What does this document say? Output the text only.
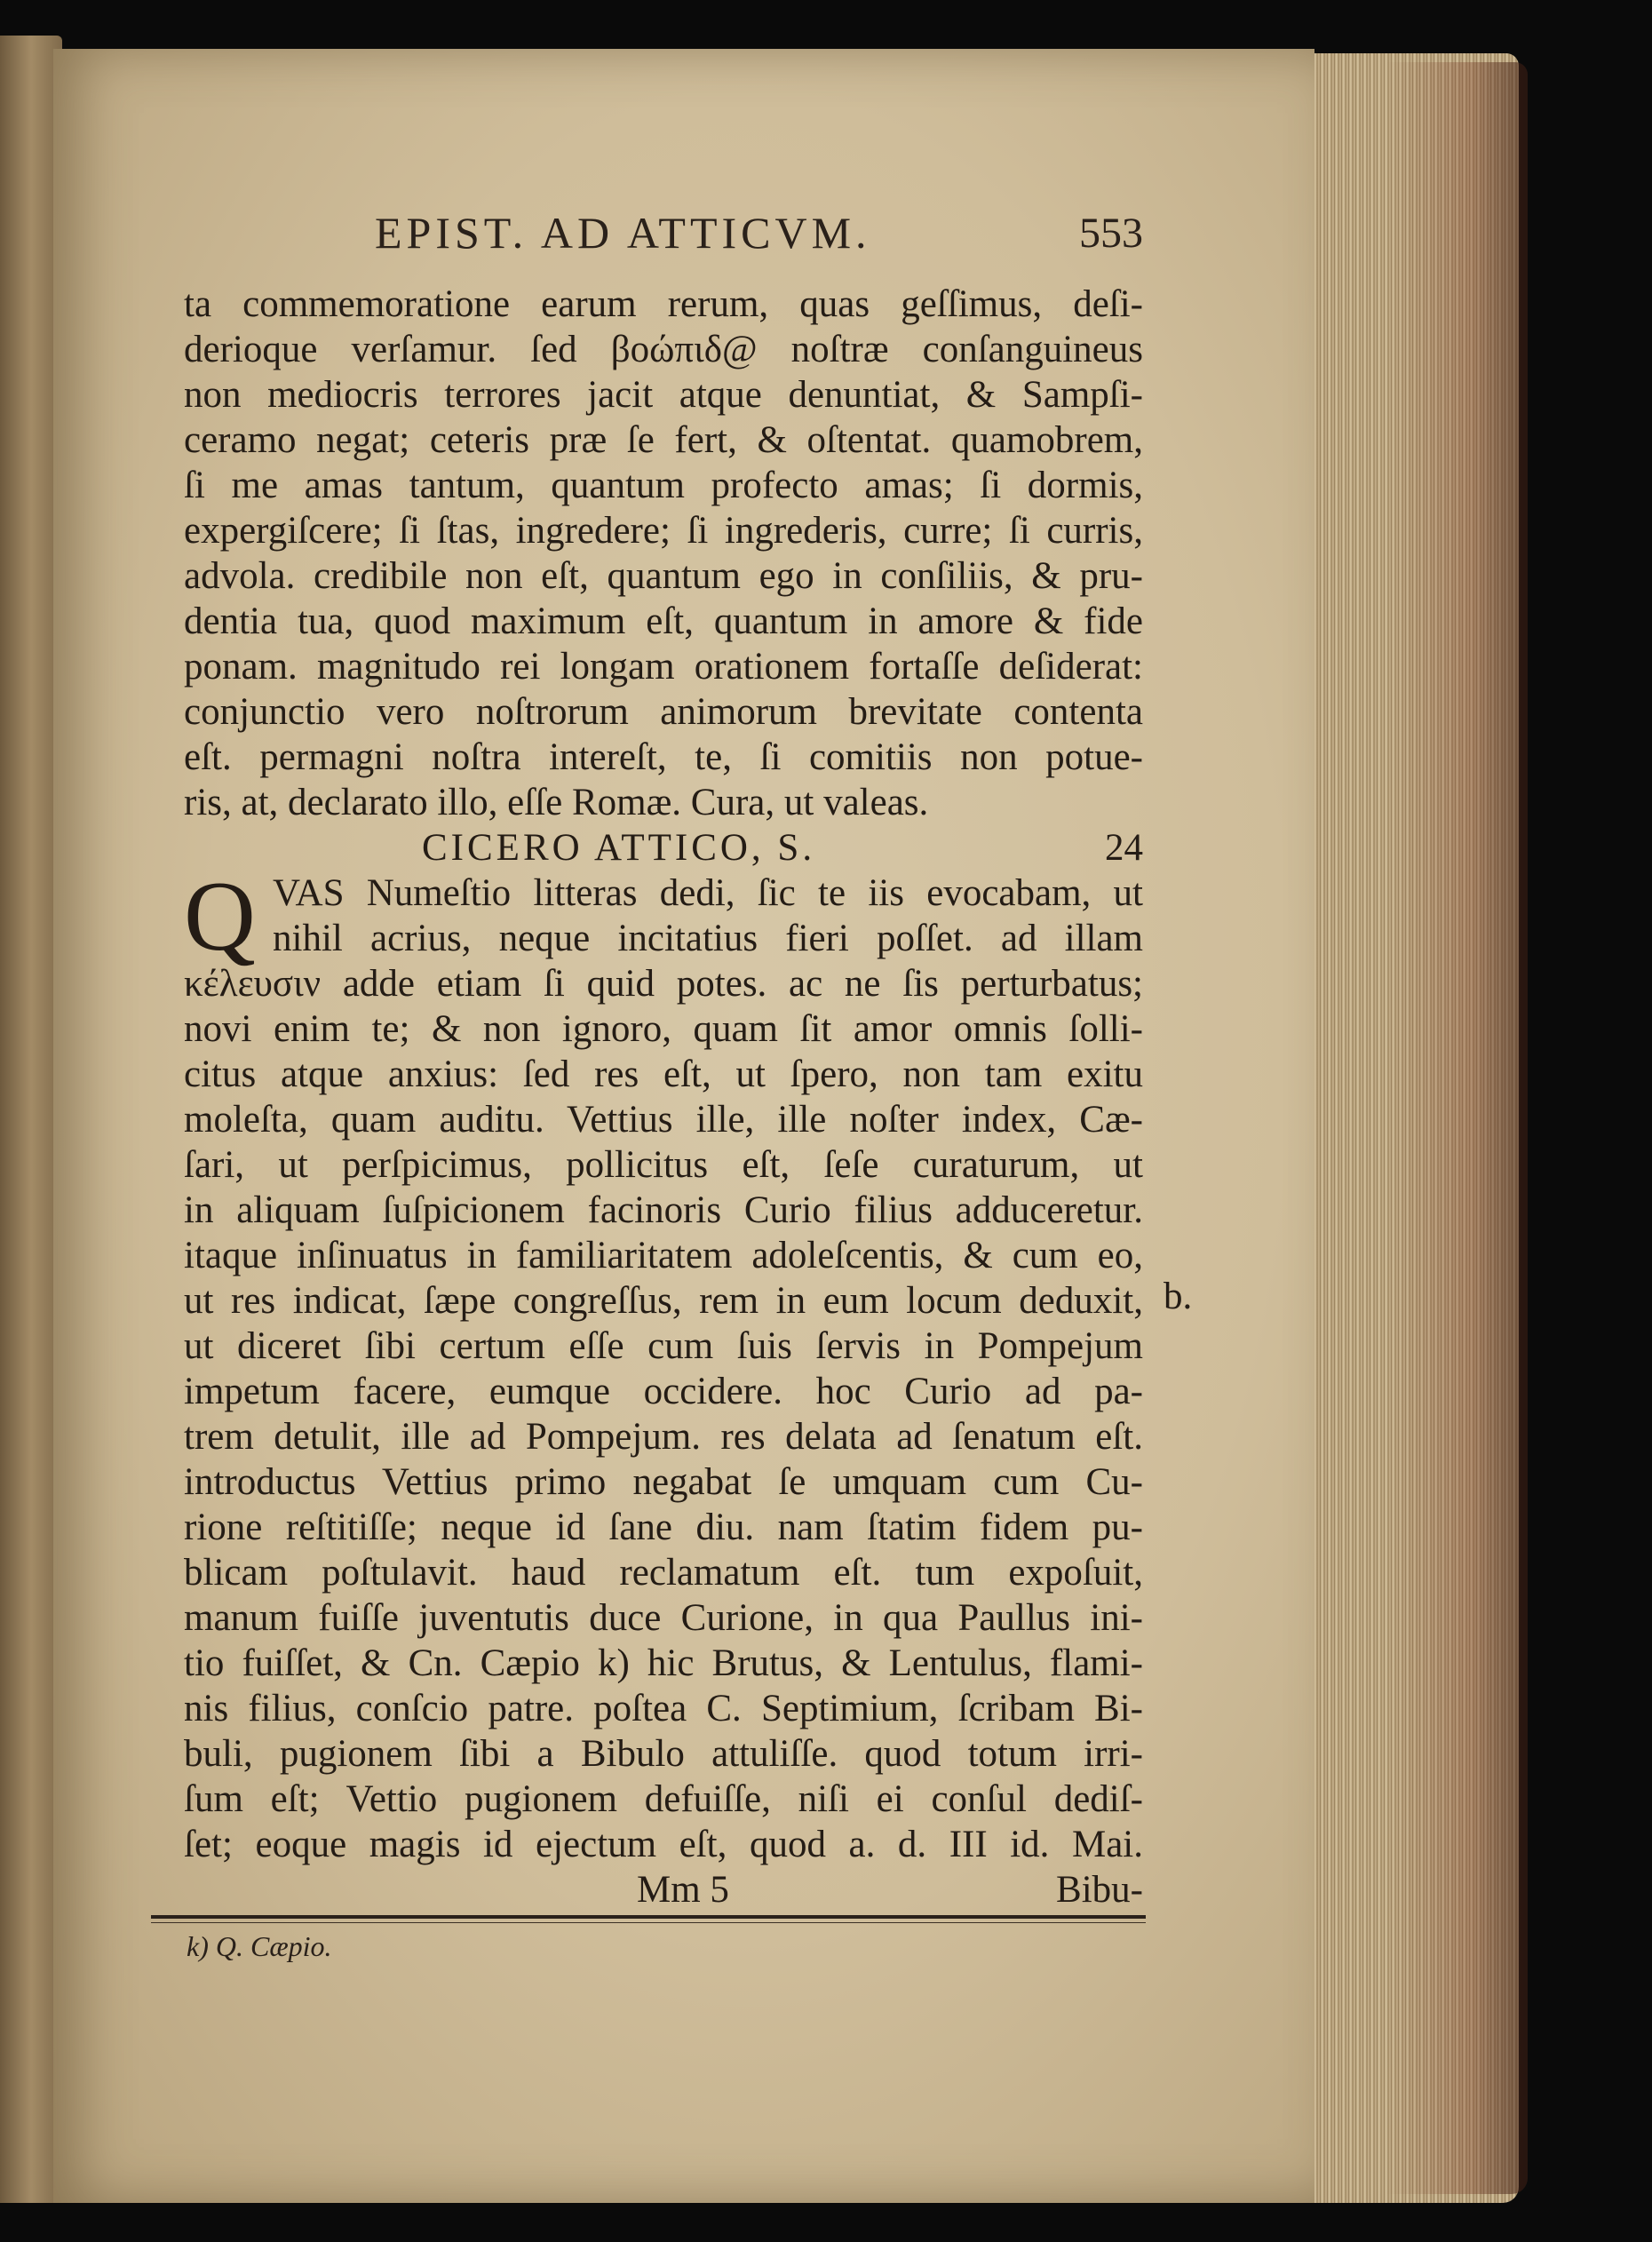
EPIST. AD ATTICVM.	553
ta commemoratione earum rerum, quas geſſimus, deſi-
derioque verſamur. ſed βοώπιδ@ noſtræ conſanguineus
non mediocris terrores jacit atque denuntiat, & Sampſi-
ceramo negat; ceteris præ ſe fert, & oſtentat. quamobrem,
ſi me amas tantum, quantum profecto amas; ſi dormis,
expergiſcere; ſi ſtas, ingredere; ſi ingrederis, curre; ſi curris,
advola. credibile non eſt, quantum ego in conſiliis, & pru-
dentia tua, quod maximum eſt, quantum in amore & fide
ponam. magnitudo rei longam orationem fortaſſe deſiderat:
conjunctio vero noſtrorum animorum brevitate contenta
eſt. permagni noſtra intereſt, te, ſi comitiis non potue-
ris, at, declarato illo, eſſe Romæ. Cura, ut valeas.
CICERO ATTICO, S.	24
Q VAS Numeſtio litteras dedi, ſic te iis evocabam, ut
nihil acrius, neque incitatius fieri poſſet. ad illam
κέλευσιν adde etiam ſi quid potes. ac ne ſis perturbatus;
novi enim te; & non ignoro, quam ſit amor omnis ſolli-
citus atque anxius: ſed res eſt, ut ſpero, non tam exitu
moleſta, quam auditu. Vettius ille, ille noſter index, Cæ-
ſari, ut perſpicimus, pollicitus eſt, ſeſe curaturum, ut
in aliquam ſuſpicionem facinoris Curio filius adduceretur.
itaque inſinuatus in familiaritatem adoleſcentis, & cum eo,
ut res indicat, ſæpe congreſſus, rem in eum locum deduxit,
ut diceret ſibi certum eſſe cum ſuis ſervis in Pompejum
impetum facere, eumque occidere. hoc Curio ad pa-
trem detulit, ille ad Pompejum. res delata ad ſenatum eſt.
introductus Vettius primo negabat ſe umquam cum Cu-
rione reſtitiſſe; neque id ſane diu. nam ſtatim fidem pu-
blicam poſtulavit. haud reclamatum eſt. tum expoſuit,
manum fuiſſe juventutis duce Curione, in qua Paullus ini-
tio fuiſſet, & Cn. Cæpio k) hic Brutus, & Lentulus, flami-
nis filius, conſcio patre. poſtea C. Septimium, ſcribam Bi-
buli, pugionem ſibi a Bibulo attuliſſe. quod totum irri-
ſum eſt; Vettio pugionem defuiſſe, niſi ei conſul dediſ-
ſet; eoque magis id ejectum eſt, quod a. d. III id. Mai.
Mm 5	Bibu-
b.
k) Q. Cæpio.
